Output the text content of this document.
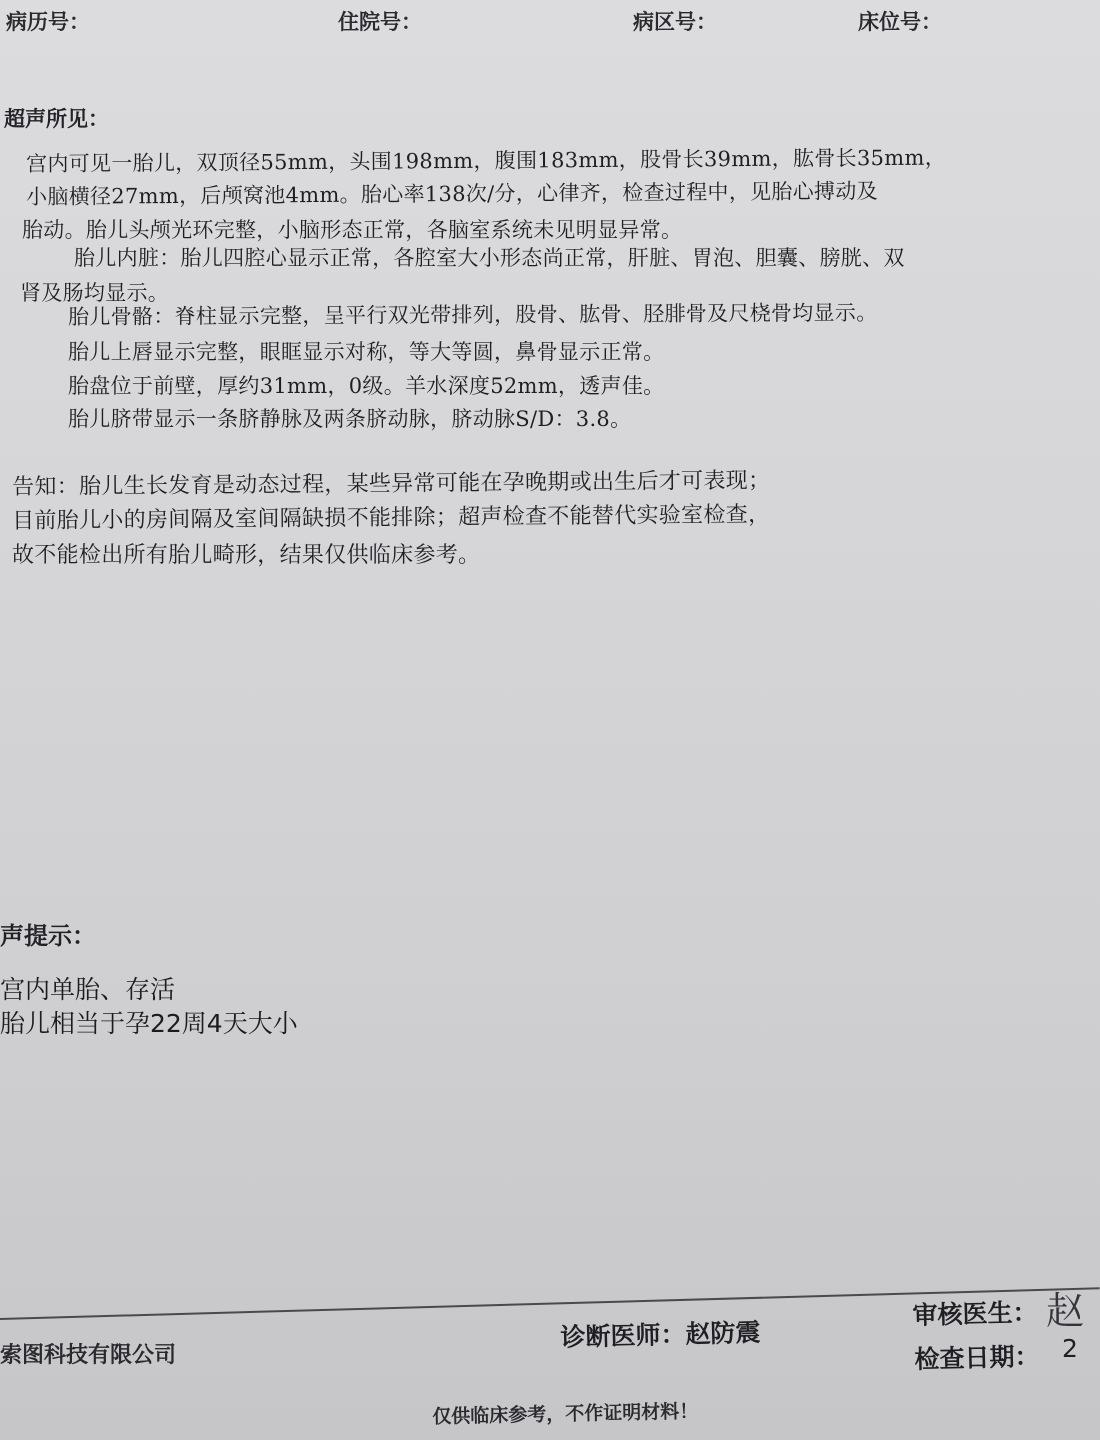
病历号：	住院号：	病区号：	床位号：
超声所见：
宫内可见一胎儿，双顶径55mm，头围198mm，腹围183mm，股骨长39mm，肱骨长35mm，
小脑横径27mm，后颅窝池4mm。胎心率138次/分，心律齐，检查过程中，见胎心搏动及
胎动。胎儿头颅光环完整，小脑形态正常，各脑室系统未见明显异常。
胎儿内脏：胎儿四腔心显示正常，各腔室大小形态尚正常，肝脏、胃泡、胆囊、膀胱、双
肾及肠均显示。
胎儿骨骼：脊柱显示完整，呈平行双光带排列，股骨、肱骨、胫腓骨及尺桡骨均显示。
胎儿上唇显示完整，眼眶显示对称，等大等圆，鼻骨显示正常。
胎盘位于前壁，厚约31mm，0级。羊水深度52mm，透声佳。
胎儿脐带显示一条脐静脉及两条脐动脉，脐动脉S/D：3.8。
告知：胎儿生长发育是动态过程，某些异常可能在孕晚期或出生后才可表现；
目前胎儿小的房间隔及室间隔缺损不能排除；超声检查不能替代实验室检查，
故不能检出所有胎儿畸形，结果仅供临床参考。
声提示：
宫内单胎、存活
胎儿相当于孕22周4天大小
索图科技有限公司
诊断医师：赵防震
审核医生： 赵
检查日期： 2
仅供临床参考，不作证明材料！
